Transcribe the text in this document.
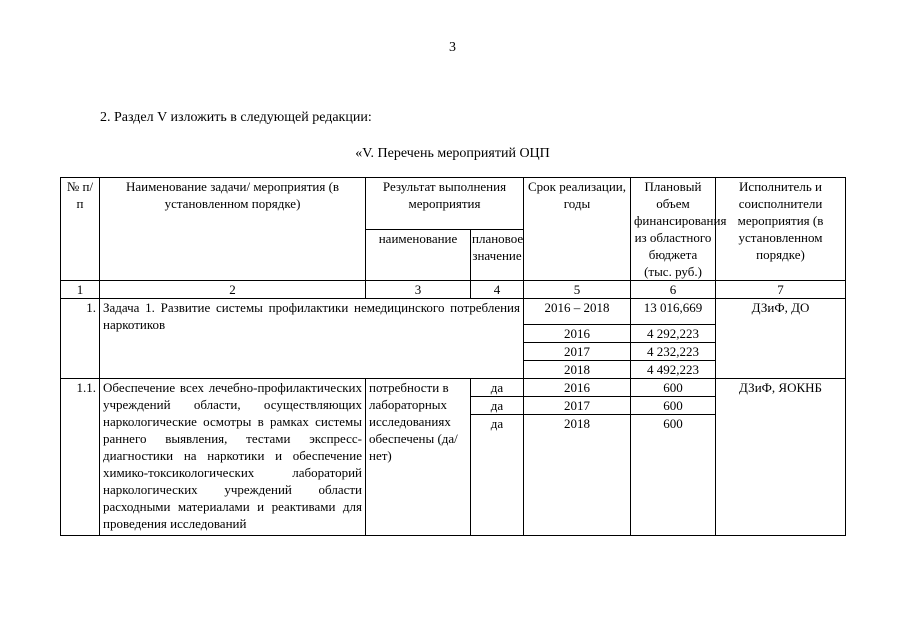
3
2. Раздел V изложить в следующей редакции:
«V. Перечень мероприятий ОЦП
№ п/п	Наименование задачи/ мероприятия (в установленном порядке)	Результат выполнения мероприятия		Срок реализации, годы	Плановый объем финансирования из областного бюджета (тыс. руб.)	Исполнитель и соисполнители мероприятия (в установленном порядке)
		наименование	плановое значение			
1	2	3	4	5	6	7
1.	Задача 1. Развитие системы профилактики немедицинского потребления наркотиков			2016 – 2018	13 016,669	ДЗиФ, ДО
				2016	4 292,223	
				2017	4 232,223	
				2018	4 492,223	
1.1.	Обеспечение всех лечебно-профилактических учреждений области, осуществляющих наркологические осмотры в рамках системы раннего выявления, тестами экспресс-диагностики на наркотики и обеспечение химико-токсикологических лабораторий наркологических учреждений области расходными материалами и реактивами для проведения исследований	потребности в лабораторных исследованиях обеспечены (да/нет)	да	2016	600	ДЗиФ, ЯОКНБ
			да	2017	600	
			да	2018	600	
